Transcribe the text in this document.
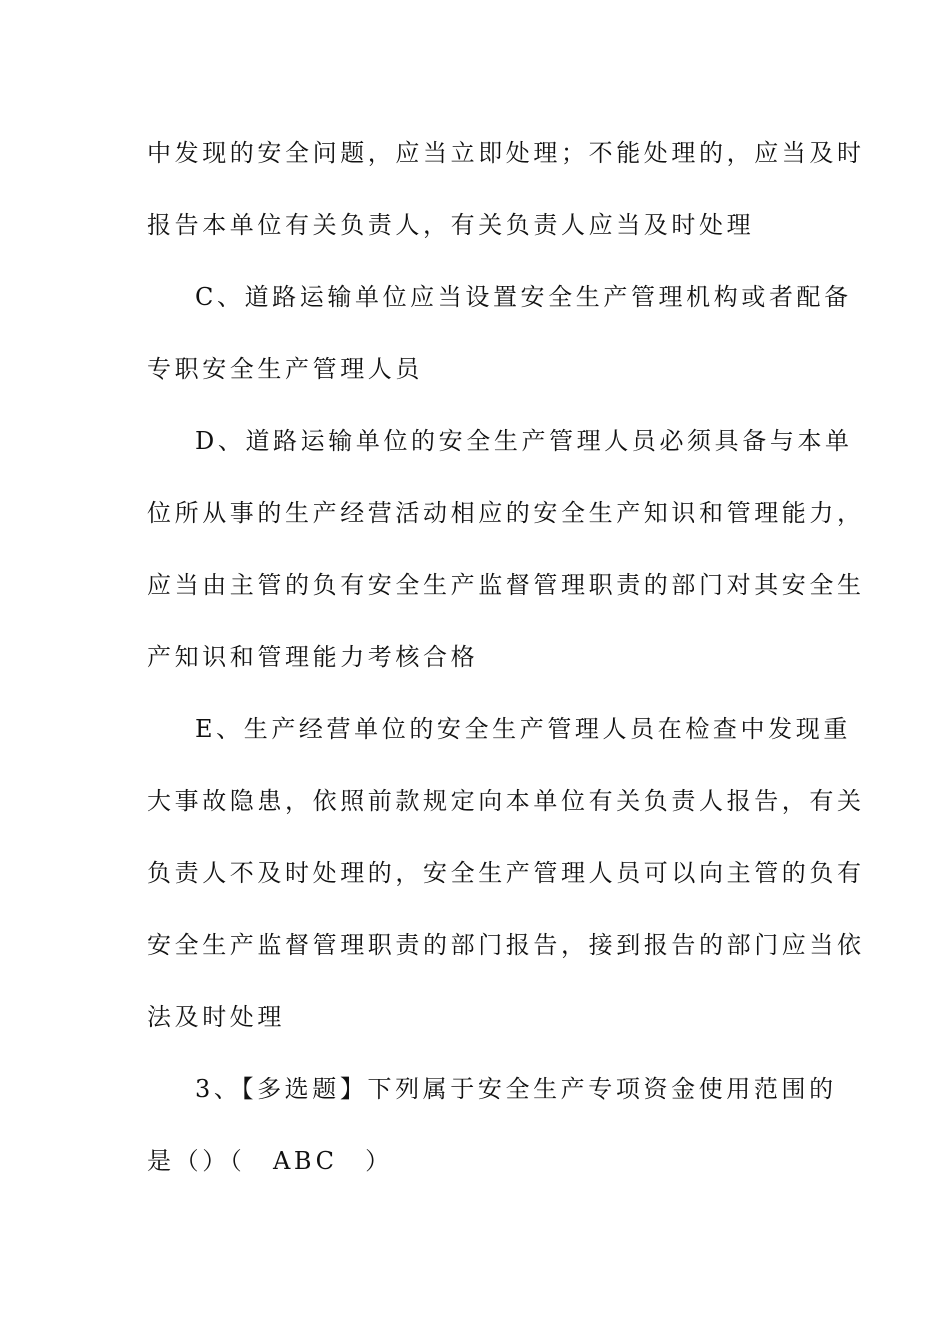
中发现的安全问题，应当立即处理；不能处理的，应当及时
报告本单位有关负责人，有关负责人应当及时处理
C、道路运输单位应当设置安全生产管理机构或者配备
专职安全生产管理人员
D、道路运输单位的安全生产管理人员必须具备与本单
位所从事的生产经营活动相应的安全生产知识和管理能力，
应当由主管的负有安全生产监督管理职责的部门对其安全生
产知识和管理能力考核合格
E、生产经营单位的安全生产管理人员在检查中发现重
大事故隐患，依照前款规定向本单位有关负责人报告，有关
负责人不及时处理的，安全生产管理人员可以向主管的负有
安全生产监督管理职责的部门报告，接到报告的部门应当依
法及时处理
3、【多选题】下列属于安全生产专项资金使用范围的
是（）（　ABC　）
